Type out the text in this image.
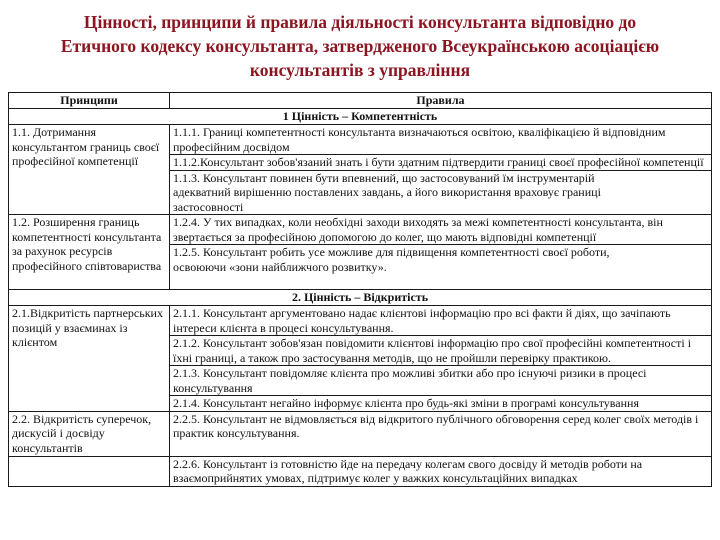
Цінності, принципи й правила діяльності консультанта відповідно до
Етичного кодексу консультанта, затвердженого Всеукраїнською асоціацією
консультантів з управління
Принципи	Правила
1 Цінність – Компетентність	
1.1. Дотримання консультантом границь своєї професійної компетенції	1.1.1. Границі компетентності консультанта визначаються освітою, кваліфікацією й відповідним професійним досвідом
	1.1.2.Консультант зобов'язаний знать і бути здатним підтвердити границі своєї професійної компетенції
	1.1.3. Консультант повинен бути впевнений, що застосовуваний їм інструментарій адекватний вирішенню поставлених завдань, а його використання враховує границі застосовності
1.2. Розширення границь компетентності консультанта за рахунок ресурсів професійного співтовариства	1.2.4. У тих випадках, коли необхідні заходи виходять за межі компетентності консультанта, він звертається за професійною допомогою до колег, що мають відповідні компетенції
	1.2.5. Консультант робить усе можливе для підвищення компетентності своєї роботи, освоюючи «зони найближчого розвитку».
2. Цінність – Відкритість	
2.1.Відкритість партнерських позицій у взаєминах із клієнтом	2.1.1. Консультант аргументовано надає клієнтові інформацію про всі факти й діях, що зачіпають інтереси клієнта в процесі консультування.
	2.1.2. Консультант зобов'язан повідомити клієнтові інформацію про свої професійні компетентності і їхні границі, а також про застосування методів, що не пройшли перевірку практикою.
	2.1.3. Консультант повідомляє клієнта про можливі збитки або про існуючі ризики в процесі консультування
	2.1.4. Консультант негайно інформує клієнта про будь-які зміни в програмі консультування
2.2. Відкритість суперечок, дискусій і досвіду консультантів	2.2.5. Консультант не відмовляється від відкритого публічного обговорення серед колег своїх методів і практик консультування.
	2.2.6. Консультант із готовністю йде на передачу колегам свого досвіду й методів роботи на взаємоприйнятих умовах, підтримує колег у важких консультаційних випадках
